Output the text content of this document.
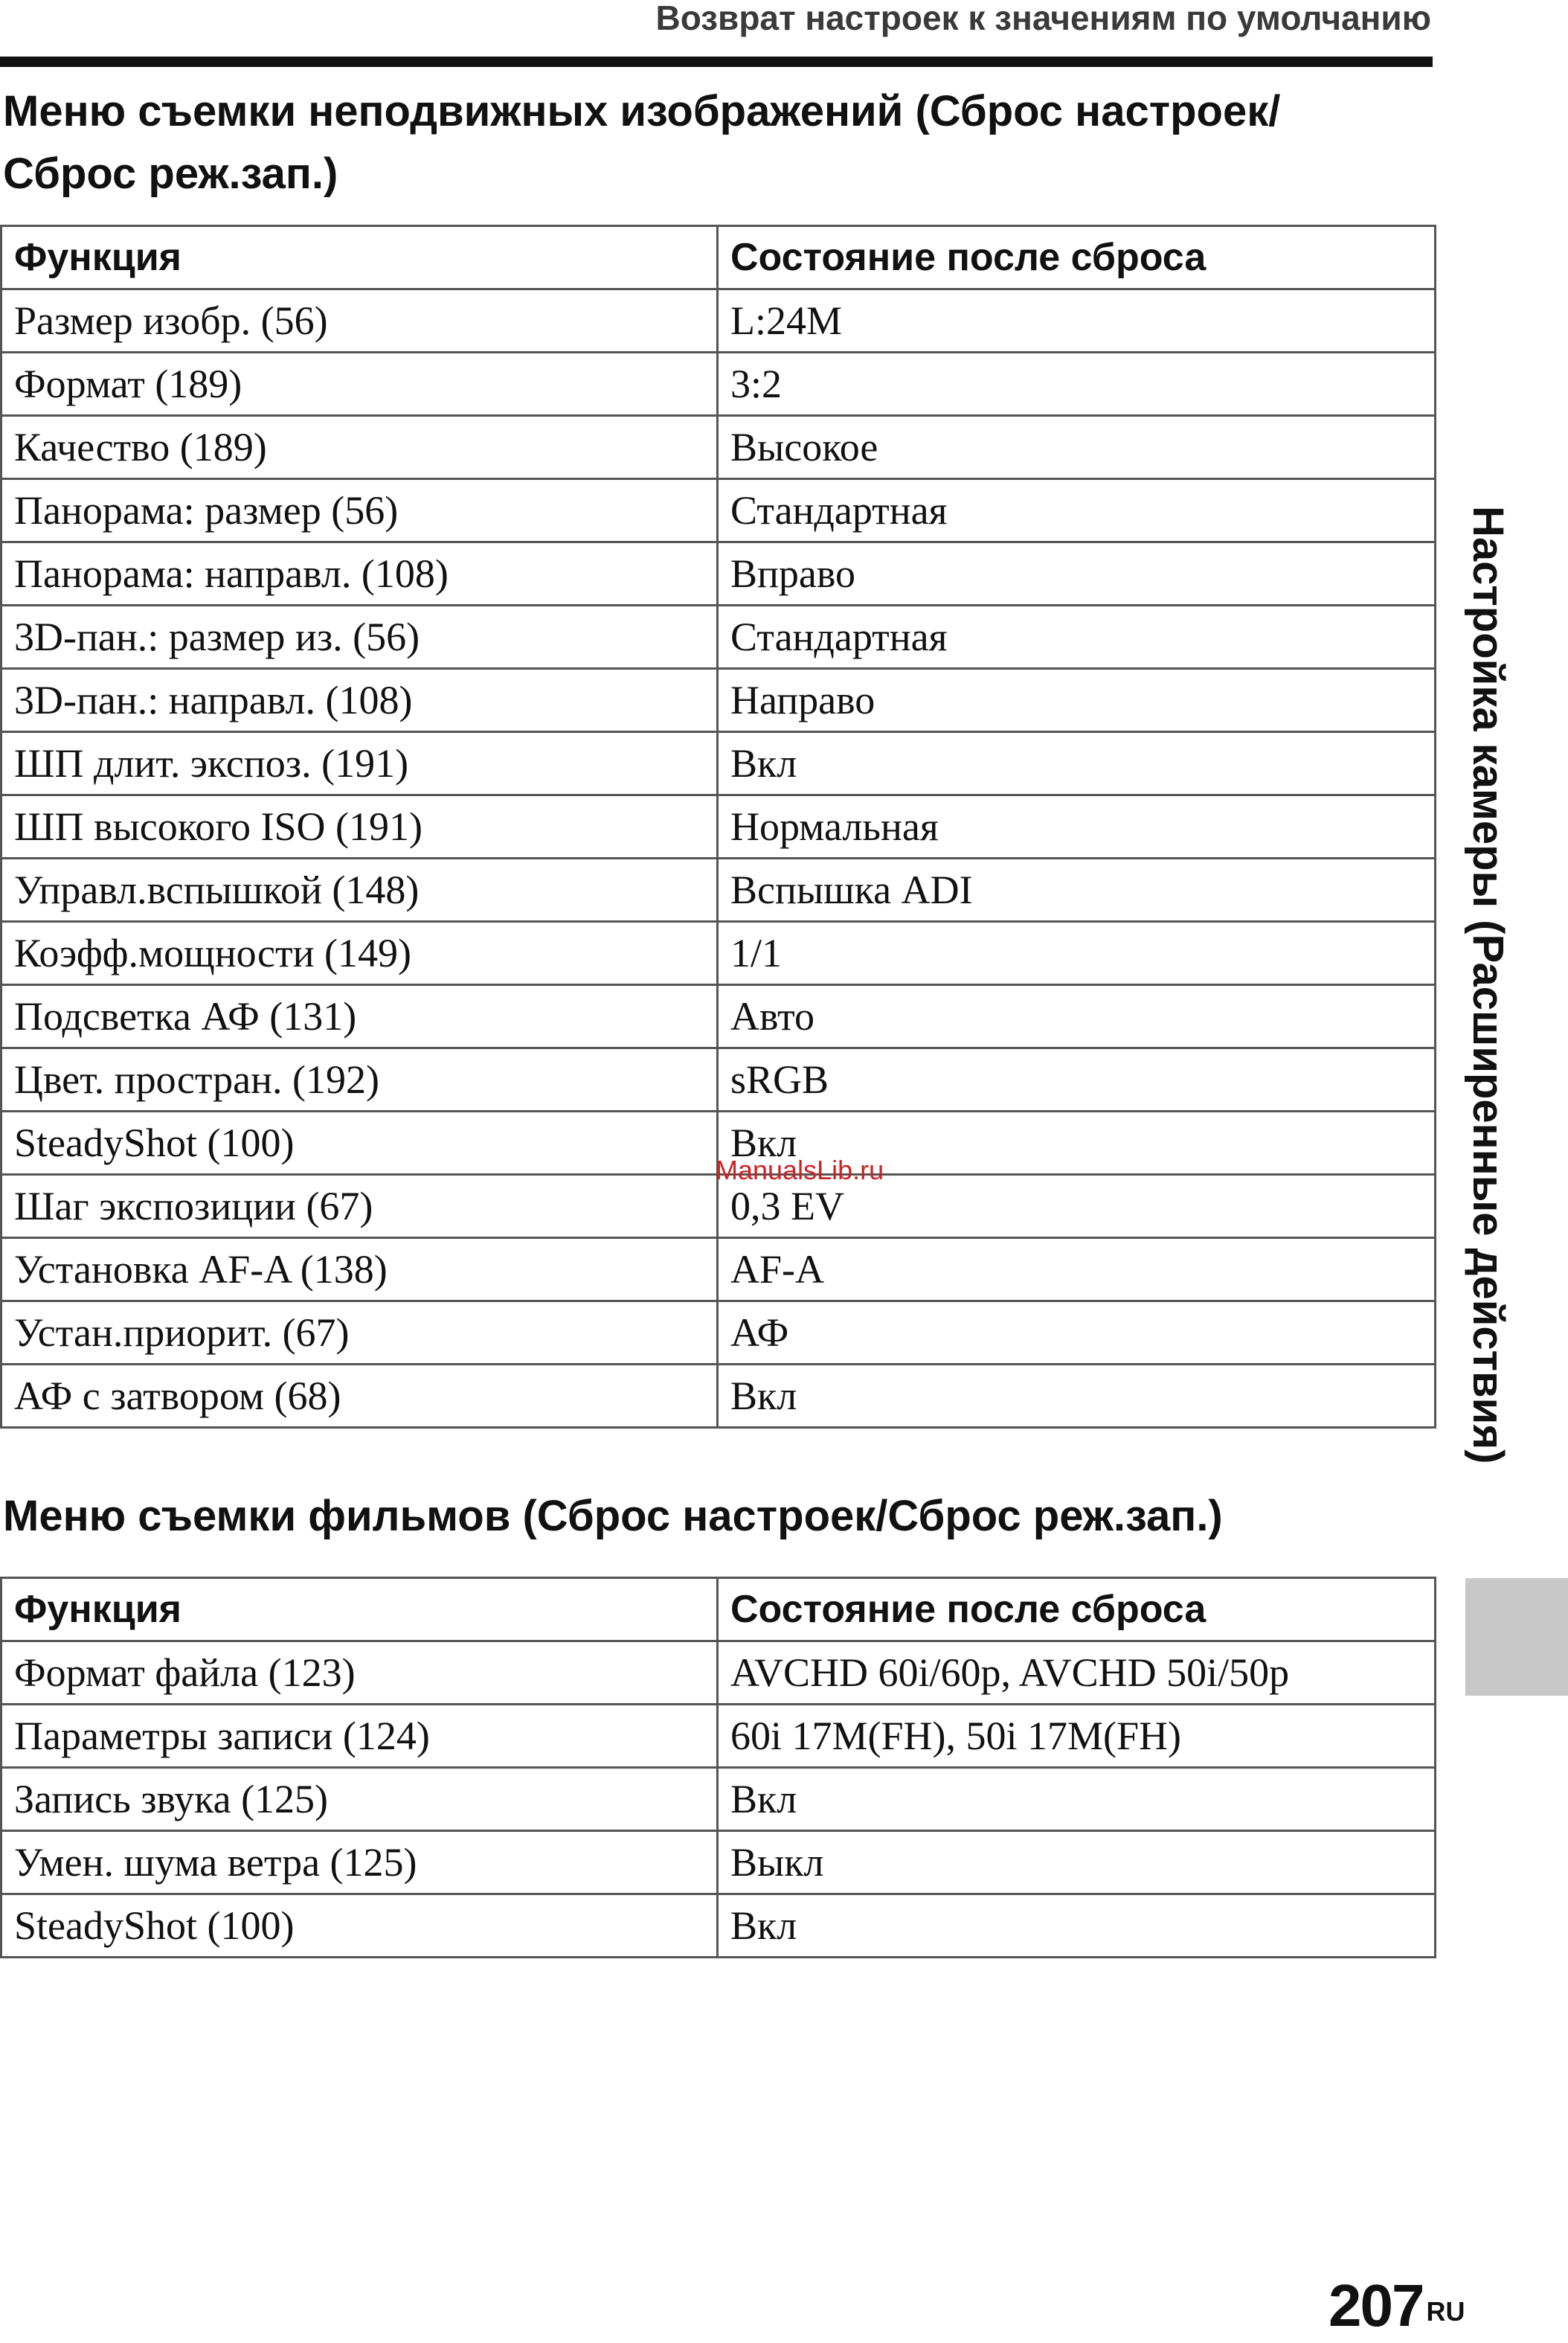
Возврат настроек к значениям по умолчанию
Меню съемки неподвижных изображений (Сброс настроек/
Сброс реж.зап.)
Функция	Состояние после сброса
Размер изобр. (56)	L:24M
Формат (189)	3:2
Качество (189)	Высокое
Панорама: размер (56)	Стандартная
Панорама: направл. (108)	Вправо
3D-пан.: размер из. (56)	Стандартная
3D-пан.: направл. (108)	Направо
ШП длит. экспоз. (191)	Вкл
ШП высокого ISO (191)	Нормальная
Управл.вспышкой (148)	Вспышка ADI
Коэфф.мощности (149)	1/1
Подсветка АФ (131)	Авто
Цвет. простран. (192)	sRGB
SteadyShot (100)	Вкл
Шаг экспозиции (67)	0,3 EV
Установка AF-A (138)	AF-A
Устан.приорит. (67)	АФ
АФ с затвором (68)	Вкл
Меню съемки фильмов (Сброс настроек/Сброс реж.зап.)
Функция	Состояние после сброса
Формат файла (123)	AVCHD 60i/60p, AVCHD 50i/50p
Параметры записи (124)	60i 17M(FH), 50i 17M(FH)
Запись звука (125)	Вкл
Умен. шума ветра (125)	Выкл
SteadyShot (100)	Вкл
Настройка камеры (Расширенные действия)
ManualsLib.ru
207 $^{RU}$
